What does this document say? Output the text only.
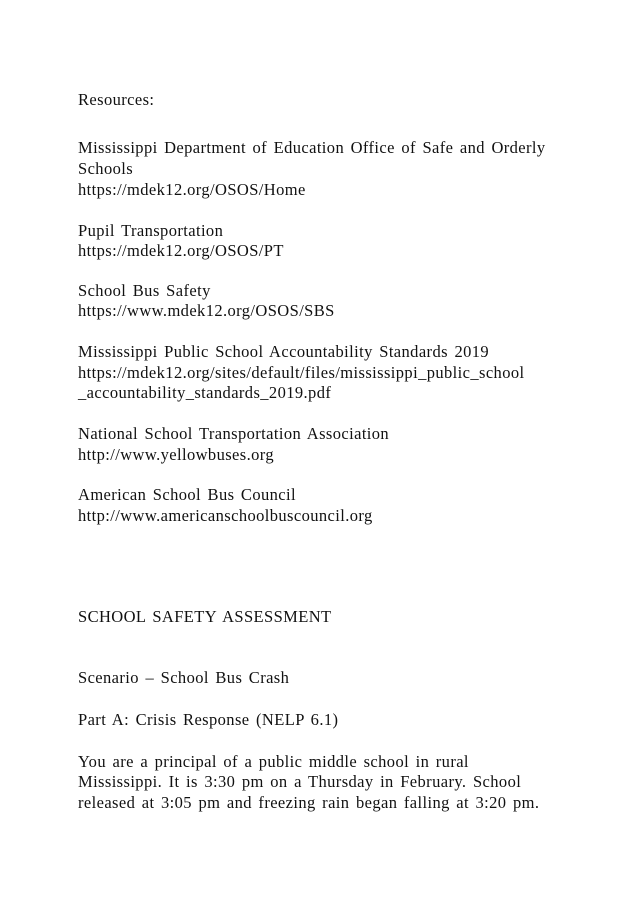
Resources:
Mississippi Department of Education Office of Safe and Orderly
Schools
https://mdek12.org/OSOS/Home
Pupil Transportation
https://mdek12.org/OSOS/PT
School Bus Safety
https://www.mdek12.org/OSOS/SBS
Mississippi Public School Accountability Standards 2019
https://mdek12.org/sites/default/files/mississippi_public_school
_accountability_standards_2019.pdf
National School Transportation Association
http://www.yellowbuses.org
American School Bus Council
http://www.americanschoolbuscouncil.org
SCHOOL SAFETY ASSESSMENT
Scenario – School Bus Crash
Part A: Crisis Response (NELP 6.1)
You are a principal of a public middle school in rural
Mississippi. It is 3:30 pm on a Thursday in February. School
released at 3:05 pm and freezing rain began falling at 3:20 pm.
